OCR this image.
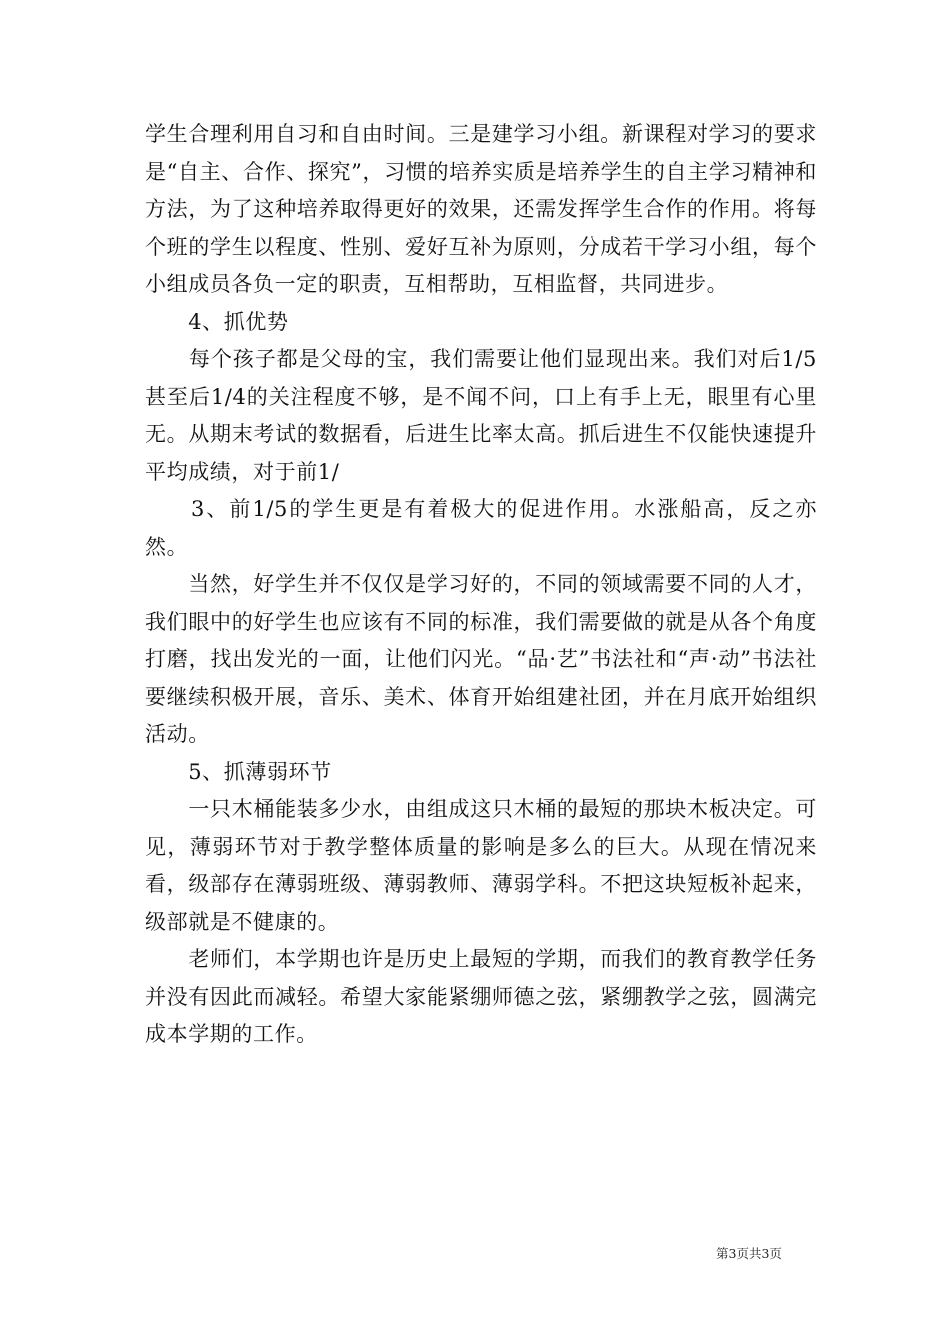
学生合理利用自习和自由时间。三是建学习小组。新课程对学习的要求是“自主、合作、探究”，习惯的培养实质是培养学生的自主学习精神和方法，为了这种培养取得更好的效果，还需发挥学生合作的作用。将每个班的学生以程度、性别、爱好互补为原则，分成若干学习小组，每个小组成员各负一定的职责，互相帮助，互相监督，共同进步。

　　4、抓优势

　　每个孩子都是父母的宝，我们需要让他们显现出来。我们对后1/5甚至后1/4的关注程度不够，是不闻不问，口上有手上无，眼里有心里无。从期末考试的数据看，后进生比率太高。抓后进生不仅能快速提升平均成绩，对于前1/

　　3、前1/5的学生更是有着极大的促进作用。水涨船高，反之亦然。

　　当然，好学生并不仅仅是学习好的，不同的领域需要不同的人才，我们眼中的好学生也应该有不同的标准，我们需要做的就是从各个角度打磨，找出发光的一面，让他们闪光。“品·艺”书法社和“声·动”书法社要继续积极开展，音乐、美术、体育开始组建社团，并在月底开始组织活动。

　　5、抓薄弱环节

　　一只木桶能装多少水，由组成这只木桶的最短的那块木板决定。可见，薄弱环节对于教学整体质量的影响是多么的巨大。从现在情况来看，级部存在薄弱班级、薄弱教师、薄弱学科。不把这块短板补起来，级部就是不健康的。

　　老师们，本学期也许是历史上最短的学期，而我们的教育教学任务并没有因此而减轻。希望大家能紧绷师德之弦，紧绷教学之弦，圆满完成本学期的工作。

第3页共3页
